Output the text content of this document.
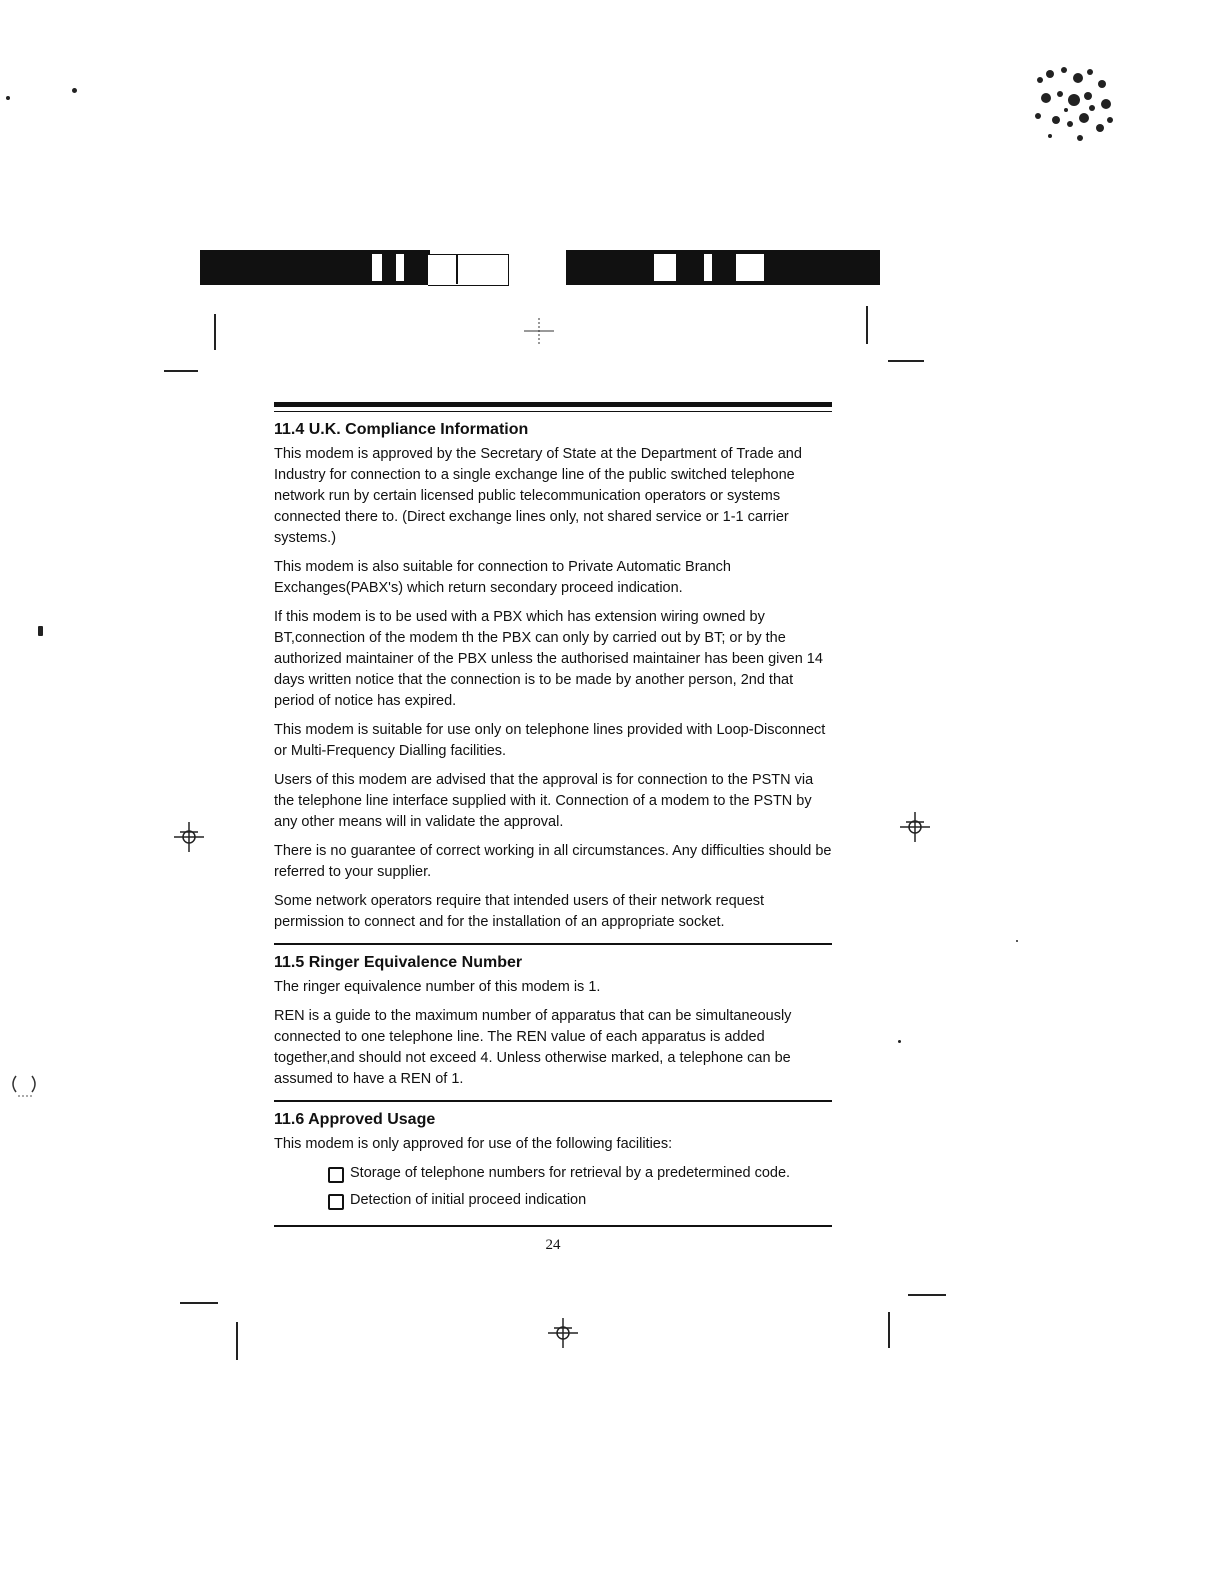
11.4 U.K. Compliance Information

This modem is approved by the Secretary of State at the Department of Trade and Industry for connection to a single exchange line of the public switched telephone network run by certain licensed public telecommunication operators or systems connected there to. (Direct exchange lines only, not shared service or 1-1 carrier systems.)

This modem is also suitable for connection to Private Automatic Branch Exchanges(PABX's) which return secondary proceed indication.

If this modem is to be used with a PBX which has extension wiring owned by BT,connection of the modem th the PBX can only by carried out by BT; or by the authorized maintainer of the PBX unless the authorised maintainer has been given 14 days written notice that the connection is to be made by another person, 2nd that period of notice has expired.

This modem is suitable for use only on telephone lines provided with Loop-Disconnect or Multi-Frequency Dialling facilities.

Users of this modem are advised that the approval is for connection to the PSTN via the telephone line interface supplied with it. Connection of a modem to the PSTN by any other means will in validate the approval.

There is no guarantee of correct working in all circumstances. Any difficulties should be referred to your supplier.

Some network operators require that intended users of their network request permission to connect and for the installation of an appropriate socket.

11.5 Ringer Equivalence Number

The ringer equivalence number of this modem is 1.

REN is a guide to the maximum number of apparatus that can be simultaneously connected to one telephone line. The REN value of each apparatus is added together,and should not exceed 4. Unless otherwise marked, a telephone can be assumed to have a REN of 1.

11.6 Approved Usage

This modem is only approved for use of the following facilities:

Storage of telephone numbers for retrieval by a predetermined code.
Detection of initial proceed indication
24
